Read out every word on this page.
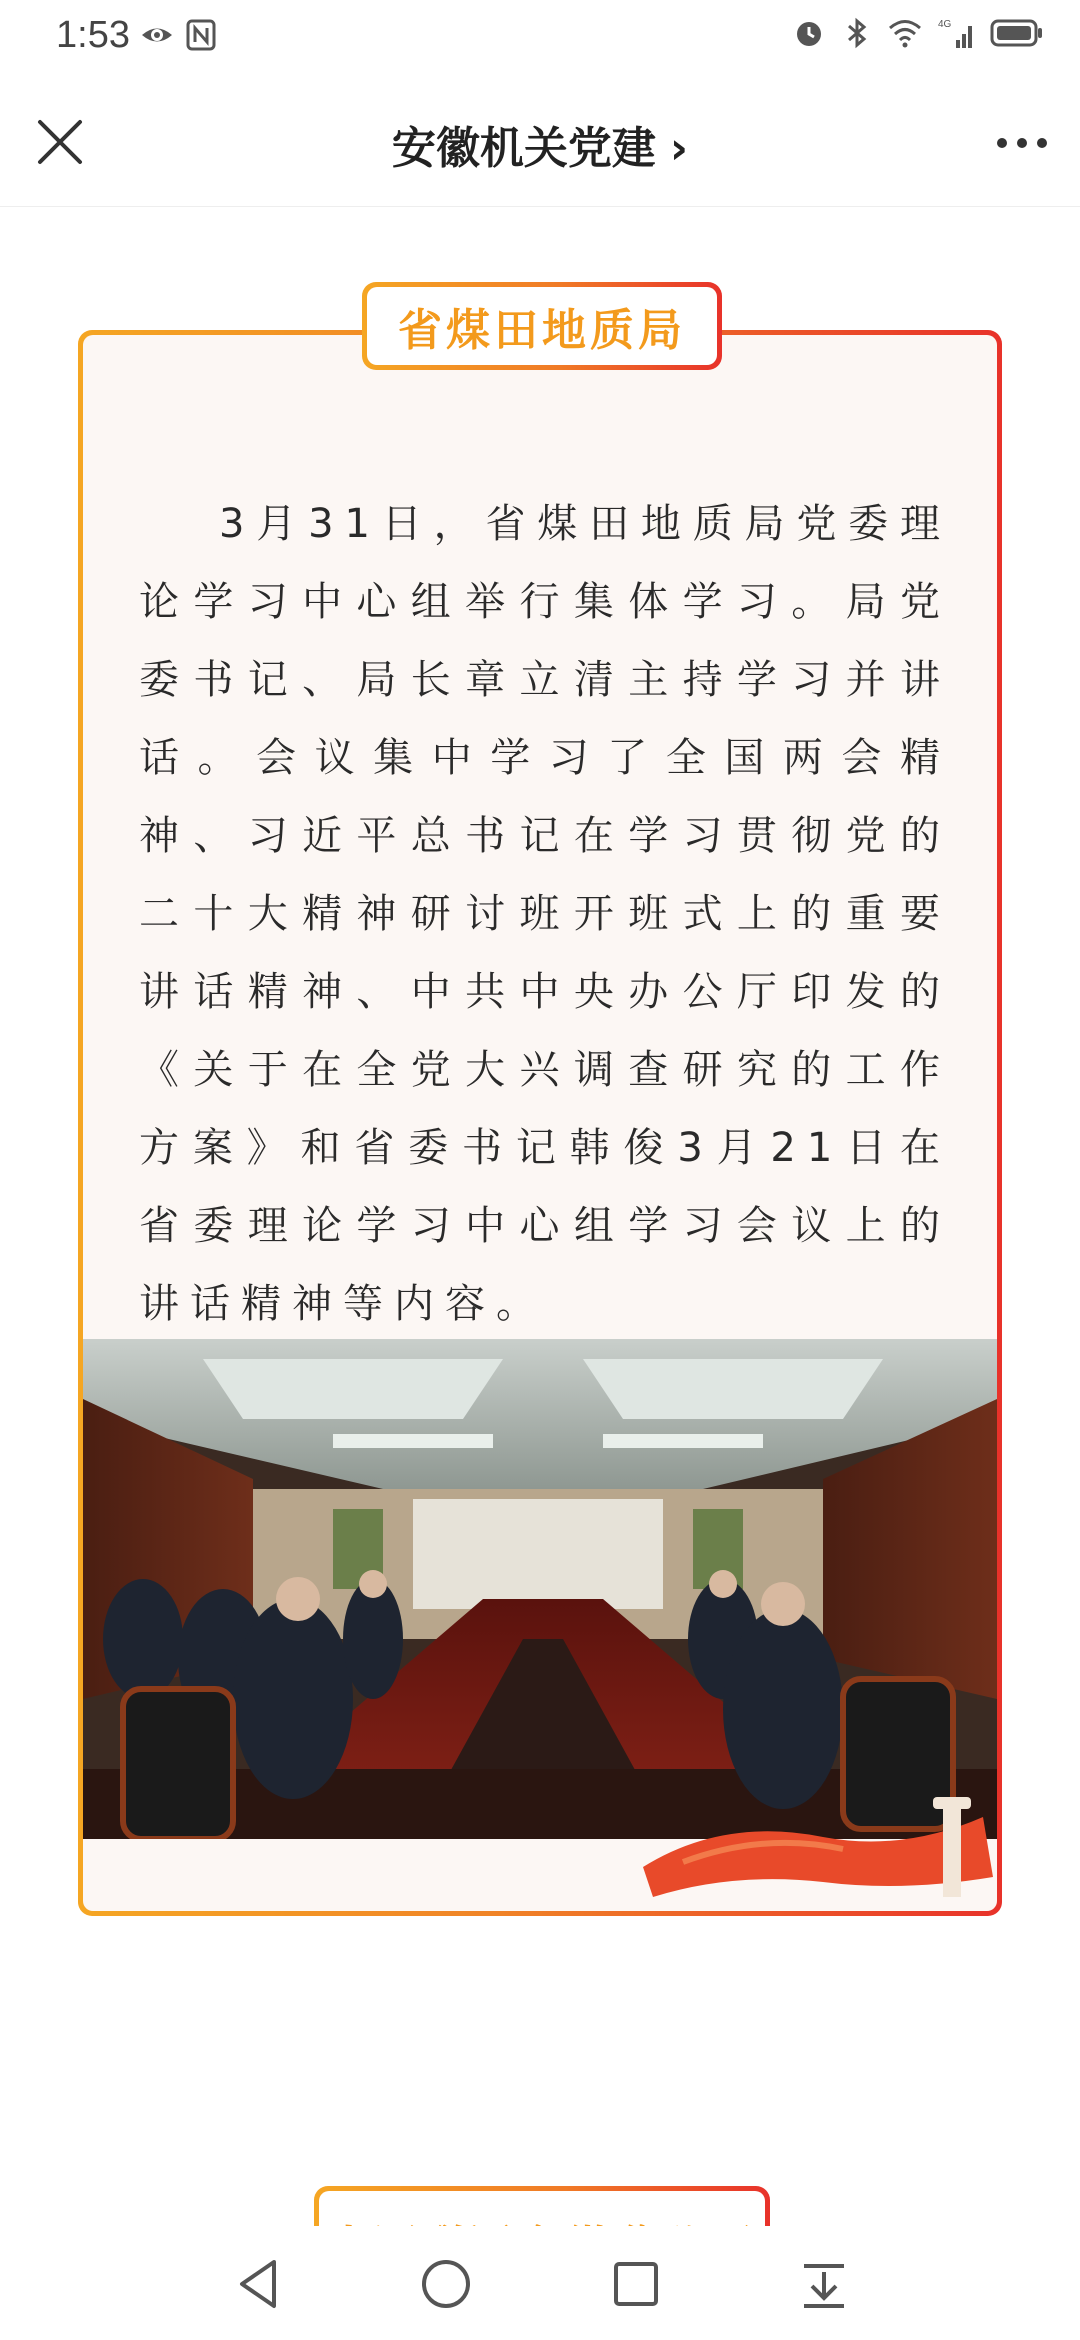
1:53	4G
安徽机关党建 ›
3月31日，省煤田地质局党委理论学习中心组举行集体学习。局党委书记、局长章立清主持学习并讲话。会议集中学习了全国两会精神、习近平总书记在学习贯彻党的二十大精神研讨班开班式上的重要讲话精神、中共中央办公厅印发的《关于在全党大兴调查研究的工作方案》和省委书记韩俊3月21日在省委理论学习中心组学习会议上的讲话精神等内容。
省煤田地质局
